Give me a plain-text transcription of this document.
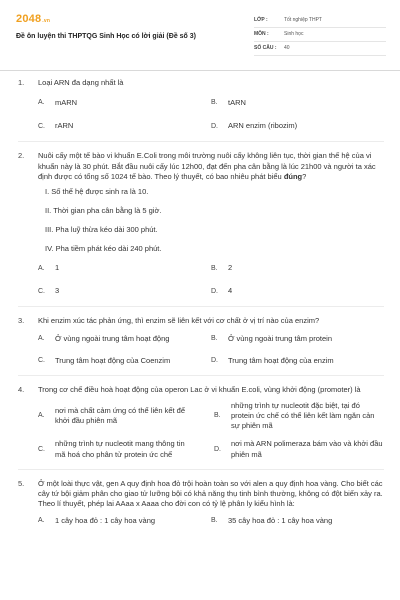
2048.vn
Đề ôn luyện thi THPTQG Sinh Học có lời giải (Đề số 3)
LỚP :	Tốt nghiệp THPT
MÔN :	Sinh học
SỐ CÂU :	40
1.	Loại ARN đa dạng nhất là
A.	mARN	B.	tARN
C.	rARN	D.	ARN enzim (ribozim)
2.	Nuôi cấy một tế bào vi khuẩn E.Coli trong môi trường nuôi cấy không liên tục, thời gian thế hệ của vi khuẩn này là 30 phút. Bắt đầu nuôi cấy lúc 12h00, đạt đến pha cân bằng là lúc 21h00 và người ta xác định được có tổng số 1024 tế bào. Theo lý thuyết, có bao nhiêu phát biểu đúng?
I. Số thế hệ được sinh ra là 10.
II. Thời gian pha cân bằng là 5 giờ.
III. Pha luỹ thừa kéo dài 300 phút.
IV. Pha tiềm phát kéo dài 240 phút.
A.	1	B.	2
C.	3	D.	4
3.	Khi enzim xúc tác phản ứng, thì enzim sẽ liên kết với cơ chất ở vị trí nào của enzim?
A.	Ở vùng ngoài trung tâm hoạt động	B.	Ở vùng ngoài trung tâm protein
C.	Trung tâm hoạt động của Coenzim	D.	Trung tâm hoạt động của enzim
4.	Trong cơ chế điều hoà hoạt động của operon Lac ở vi khuẩn E.coli, vùng khởi động (promoter) là
A.
nơi mà chất cảm ứng có thể liên kết để khởi đầu phiên mã
B.
những trình tự nucleotit đặc biệt, tại đó protein ức chế có thể liên kết làm ngăn cản sự phiên mã
C.
những trình tự nucleotit mang thông tin mã hoá cho phân tử protein ức chế
D.
nơi mà ARN polimeraza bám vào và khởi đầu phiên mã
5.	Ở một loài thực vật, gen A quy định hoa đỏ trội hoàn toàn so với alen a quy định hoa vàng. Cho biết các cây tứ bội giảm phân cho giao tử lưỡng bội có khả năng thụ tinh bình thường, không có đột biến xảy ra. Theo lí thuyết, phép lai AAaa x Aaaa cho đời con có tỷ lệ phân ly kiểu hình là:
A.	1 cây hoa đỏ : 1 cây hoa vàng	B.	35 cây hoa đỏ : 1 cây hoa vàng
